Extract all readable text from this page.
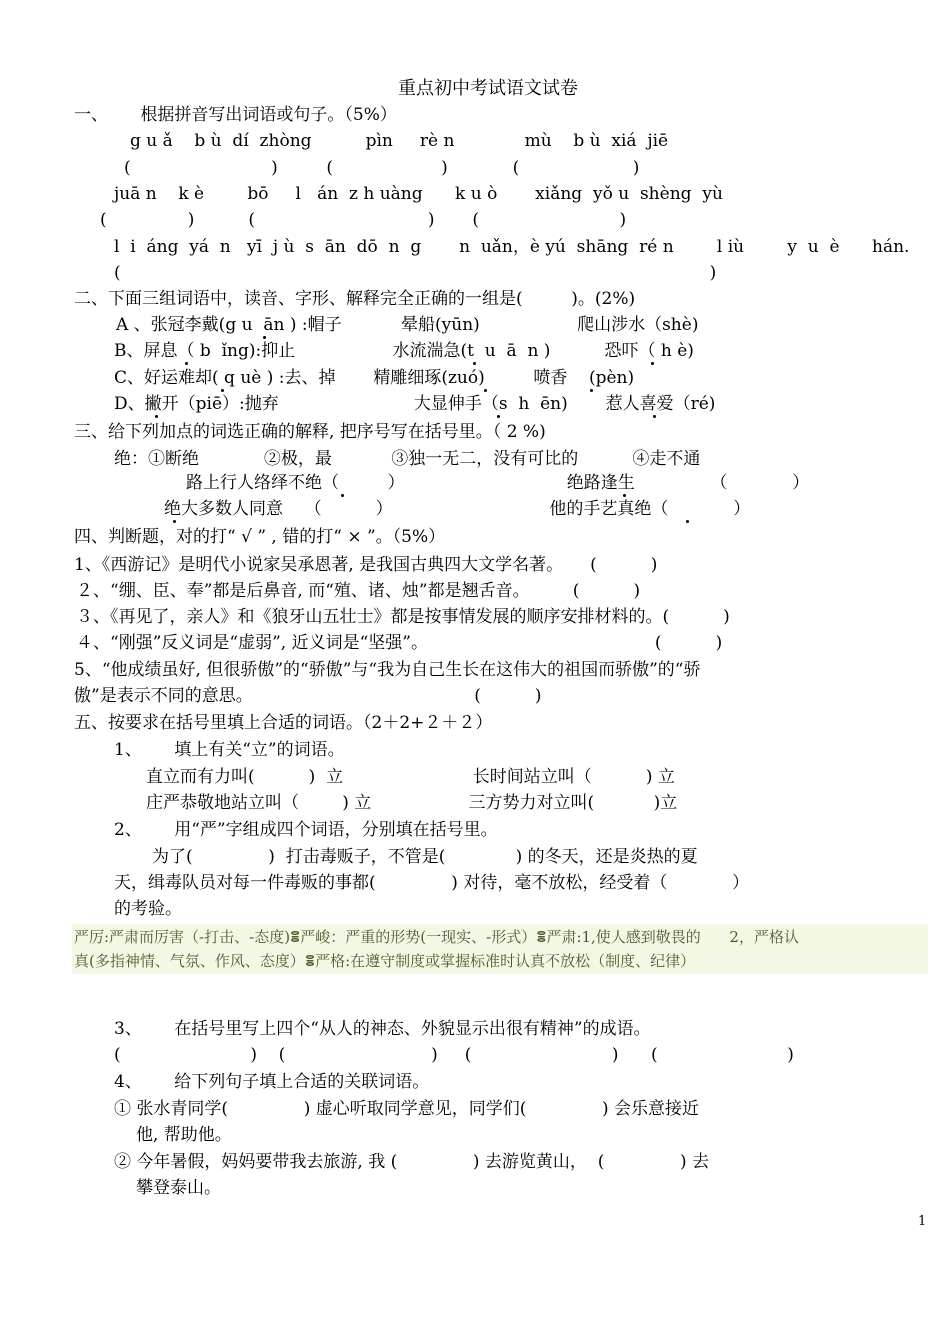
重点初中考试语文试卷
一、      根据拼音写出词语或句子。（5%）
g u ǎ    b ù  dí  zhòng          pìn     rè n             mù    b ù  xiá  jiē
(                          )         (                    )            (                     )
juā n    k è        bō     l   án  z h uàng      k u ò       xiǎng  yǒ u  shèng  yù
(               )          (                                )       (                          )
l  i  áng  yá  n   yī  j ù  s  ān  dō  n  g       n  uǎn，è yú  shāng  ré n        l iù        y  u  è      hán.
(                                                                                                             )
二、下面三组词语中，读音、字形、解释完全正确的一组是(         )。(2%)
A 、张冠李戴(g u  ān ) :帽子           晕船(yūn)                  爬山涉水（shè)
B、屏息（ b  ǐng):抑止                  水流湍急(t  u  ā  n )          恐吓（ h è)
C、好运难却( q uè ) :去、掉       精雕细琢(zuó)         喷香    (pèn)
D、撇开（piē）:抛弃                         大显伸手（s  h  ēn)       惹人喜爱（ré)
三、给下列加点的词选正确的解释, 把序号写在括号里。（ 2 %)
绝：①断绝            ②极，最           ③独一无二，没有可比的          ④走不通
路上行人络绎不绝（         ）                              绝路逢生              （            ）
绝大多数人同意    （          ）                             他的手艺真绝（            ）
四、判断题，对的打“ √ ” , 错的打“ × ”。（5%）
1、《西游记》是明代小说家吴承恩著, 是我国古典四大文学名著。     (          )
２、“绷、臣、奉”都是后鼻音, 而“殖、诸、烛”都是翘舌音。        (          )
３、《再见了，亲人》和《狼牙山五壮士》都是按事情发展的顺序安排材料的。(          )
４、“刚强”反义词是“虚弱”, 近义词是“坚强”。                                          (          )
5、“他成绩虽好, 但很骄傲”的“骄傲”与“我为自己生长在这伟大的祖国而骄傲”的“骄
傲”是表示不同的意思。                                         (          )
五、按要求在括号里填上合适的词语。（2＋2+２＋２）
1、      填上有关“立”的词语。
直立而有力叫(          )  立                        长时间站立叫（          ) 立
庄严恭敬地站立叫（        ) 立                  三方势力对立叫(           )立
2、      用“严”字组成四个词语，分别填在括号里。
为了(              )  打击毒贩子，不管是(             ) 的冬天，还是炎热的夏
天，缉毒队员对每一件毒贩的事都(              ) 对待，毫不放松，经受着（            ）
的考验。
严厉:严肃而厉害（-打击、-态度)ⴻ严峻：严重的形势(一现实、-形式）ⴻ严肃:1,使人感到敬畏的      2，严格认
真(多指神情、气氛、作风、态度）ⴻ严格:在遵守制度或掌握标准时认真不放松（制度、纪律）
3、      在括号里写上四个“从人的神态、外貌显示出很有精神”的成语。
(                        )    (                           )     (                          )      (                        )
4、      给下列句子填上合适的关联词语。
① 张水青同学(              ) 虚心听取同学意见，同学们(              ) 会乐意接近
他, 帮助他。
② 今年暑假，妈妈要带我去旅游, 我 (              ) 去游览黄山，  (              ) 去
攀登泰山。
1
